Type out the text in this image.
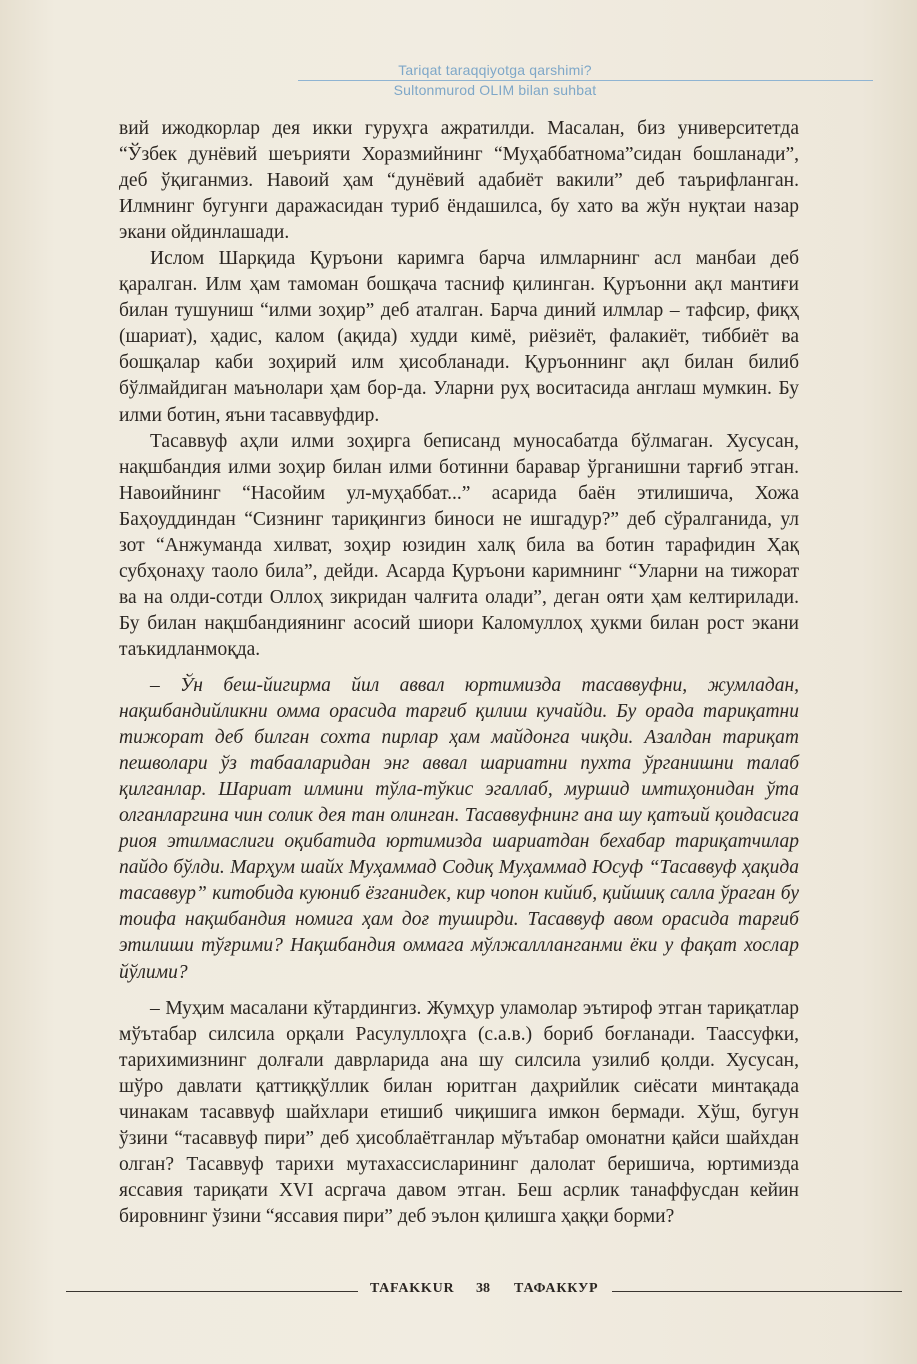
Tariqat taraqqiyotga qarshimi?
Sultonmurod OLIM bilan suhbat

вий ижодкорлар дея икки гуруҳга ажратилди. Масалан, биз университетда “Ўзбек дунёвий шеърияти Хоразмийнинг “Муҳаббатнома”сидан бошланади”, деб ўқиганмиз. Навоий ҳам “дунёвий адабиёт вакили” деб таърифланган. Илмнинг бугунги даражасидан туриб ёндашилса, бу хато ва жўн нуқтаи назар экани ойдинлашади.

Ислом Шарқида Қуръони каримга барча илмларнинг асл манбаи деб қаралган. Илм ҳам тамоман бошқача тасниф қилинган. Қуръонни ақл мантиғи билан тушуниш “илми зоҳир” деб аталган. Барча диний илмлар – тафсир, фиқҳ (шариат), ҳадис, калом (ақида) худди кимё, риёзиёт, фалакиёт, тиббиёт ва бошқалар каби зоҳирий илм ҳисобланади. Қуръоннинг ақл билан билиб бўлмайдиган маънолари ҳам бор-да. Уларни руҳ воситасида англаш мумкин. Бу илми ботин, яъни тасаввуфдир.

Тасаввуф аҳли илми зоҳирга беписанд муносабатда бўлмаган. Хусусан, нақшбандия илми зоҳир билан илми ботинни баравар ўрганишни тарғиб этган. Навоийнинг “Насойим ул-муҳаббат...” асарида баён этилишича, Хожа Баҳоуддиндан “Сизнинг тариқингиз биноси не ишгадур?” деб сўралганида, ул зот “Анжуманда хилват, зоҳир юзидин халқ била ва ботин тарафидин Ҳақ субҳонаҳу таоло била”, дейди. Асарда Қуръони каримнинг “Уларни на тижорат ва на олди-сотди Оллоҳ зикридан чалғита олади”, деган ояти ҳам келтирилади. Бу билан нақшбандиянинг асосий шиори Каломуллоҳ ҳукми билан рост экани таъкидланмоқда.

– Ўн беш-йигирма йил аввал юртимизда тасаввуфни, жумладан, нақшбандийликни омма орасида тарғиб қилиш кучайди. Бу орада тариқатни тижорат деб билган сохта пирлар ҳам майдонга чиқди. Азалдан тариқат пешволари ўз табааларидан энг аввал шариатни пухта ўрганишни талаб қилганлар. Шариат илмини тўла-тўкис эгаллаб, муршид имтиҳонидан ўта олганларгина чин солик дея тан олинган. Тасаввуфнинг ана шу қатъий қоидасига риоя этилмаслиги оқибатида юртимизда шариатдан бехабар тариқатчилар пайдо бўлди. Марҳум шайх Муҳаммад Содиқ Муҳаммад Юсуф “Тасаввуф ҳақида тасаввур” китобида куюниб ёзганидек, кир чопон кийиб, қийшиқ салла ўраган бу тоифа нақшбандия номига ҳам доғ туширди. Тасаввуф авом орасида тарғиб этилиши тўғрими? Нақшбандия оммага мўлжаллланганми ёки у фақат хослар йўлими?

– Муҳим масалани кўтардингиз. Жумҳур уламолар эътироф этган тариқатлар мўътабар силсила орқали Расулуллоҳга (с.а.в.) бориб боғланади. Таассуфки, тарихимизнинг долғали даврларида ана шу силсила узилиб қолди. Хусусан, шўро давлати қаттиққўллик билан юритган даҳрийлик сиёсати минтақада чинакам тасаввуф шайхлари етишиб чиқишига имкон бермади. Хўш, бугун ўзини “тасаввуф пири” деб ҳисоблаётганлар мўътабар омонатни қайси шайхдан олган? Тасаввуф тарихи мутахассисларининг далолат беришича, юртимизда яссавия тариқати XVI асргача давом этган. Беш асрлик танаффусдан кейин бировнинг ўзини “яссавия пири” деб эълон қилишга ҳаққи борми?

TAFAKKUR 38 ТАФАККУР
